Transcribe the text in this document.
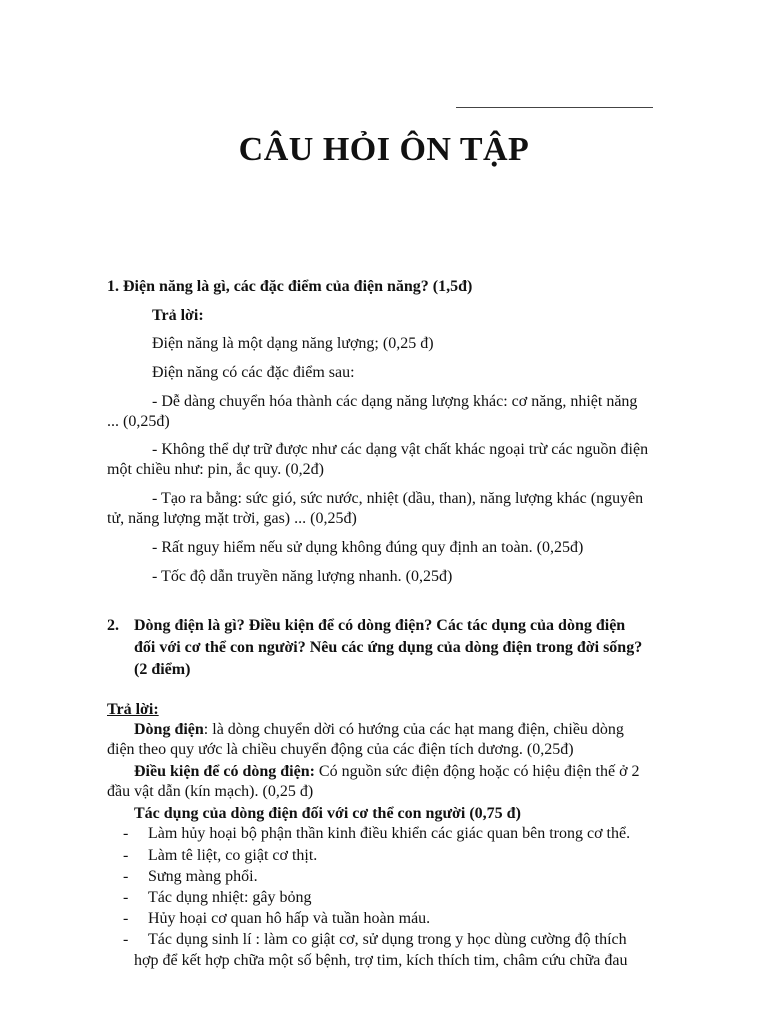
CÂU HỎI ÔN TẬP
1. Điện năng là gì, các đặc điểm của điện năng? (1,5đ)
Trả lời:
Điện năng là một dạng năng lượng; (0,25 đ)
Điện năng có các đặc điểm sau:
- Dễ dàng chuyển hóa thành các dạng năng lượng khác: cơ năng, nhiệt năng
... (0,25đ)
- Không thể dự trữ được như các dạng vật chất khác ngoại trừ các nguồn điện
một chiều như: pin, ắc quy. (0,2đ)
- Tạo ra bằng: sức gió, sức nước, nhiệt (dầu, than), năng lượng khác (nguyên
tử, năng lượng mặt trời, gas) ... (0,25đ)
- Rất nguy hiểm nếu sử dụng không đúng quy định an toàn. (0,25đ)
- Tốc độ dẫn truyền năng lượng nhanh. (0,25đ)
2. Dòng điện là gì? Điều kiện để có dòng điện? Các tác dụng của dòng điện
đối với cơ thể con người? Nêu các ứng dụng của dòng điện trong đời sống?
(2 điểm)
Trả lời:
Dòng điện: là dòng chuyển dời có hướng của các hạt mang điện, chiều dòng
điện theo quy ước là chiều chuyển động của các điện tích dương. (0,25đ)
Điều kiện để có dòng điện: Có nguồn sức điện động hoặc có hiệu điện thế ở 2
đầu vật dẫn (kín mạch). (0,25 đ)
Tác dụng của dòng điện đối với cơ thể con người (0,75 đ)
- Làm hủy hoại bộ phận thần kinh điều khiển các giác quan bên trong cơ thể.
- Làm tê liệt, co giật cơ thịt.
- Sưng màng phổi.
- Tác dụng nhiệt: gây bỏng
- Hủy hoại cơ quan hô hấp và tuần hoàn máu.
- Tác dụng sinh lí : làm co giật cơ, sử dụng trong y học dùng cường độ thích
hợp để kết hợp chữa một số bệnh, trợ tim, kích thích tim, châm cứu chữa đau
